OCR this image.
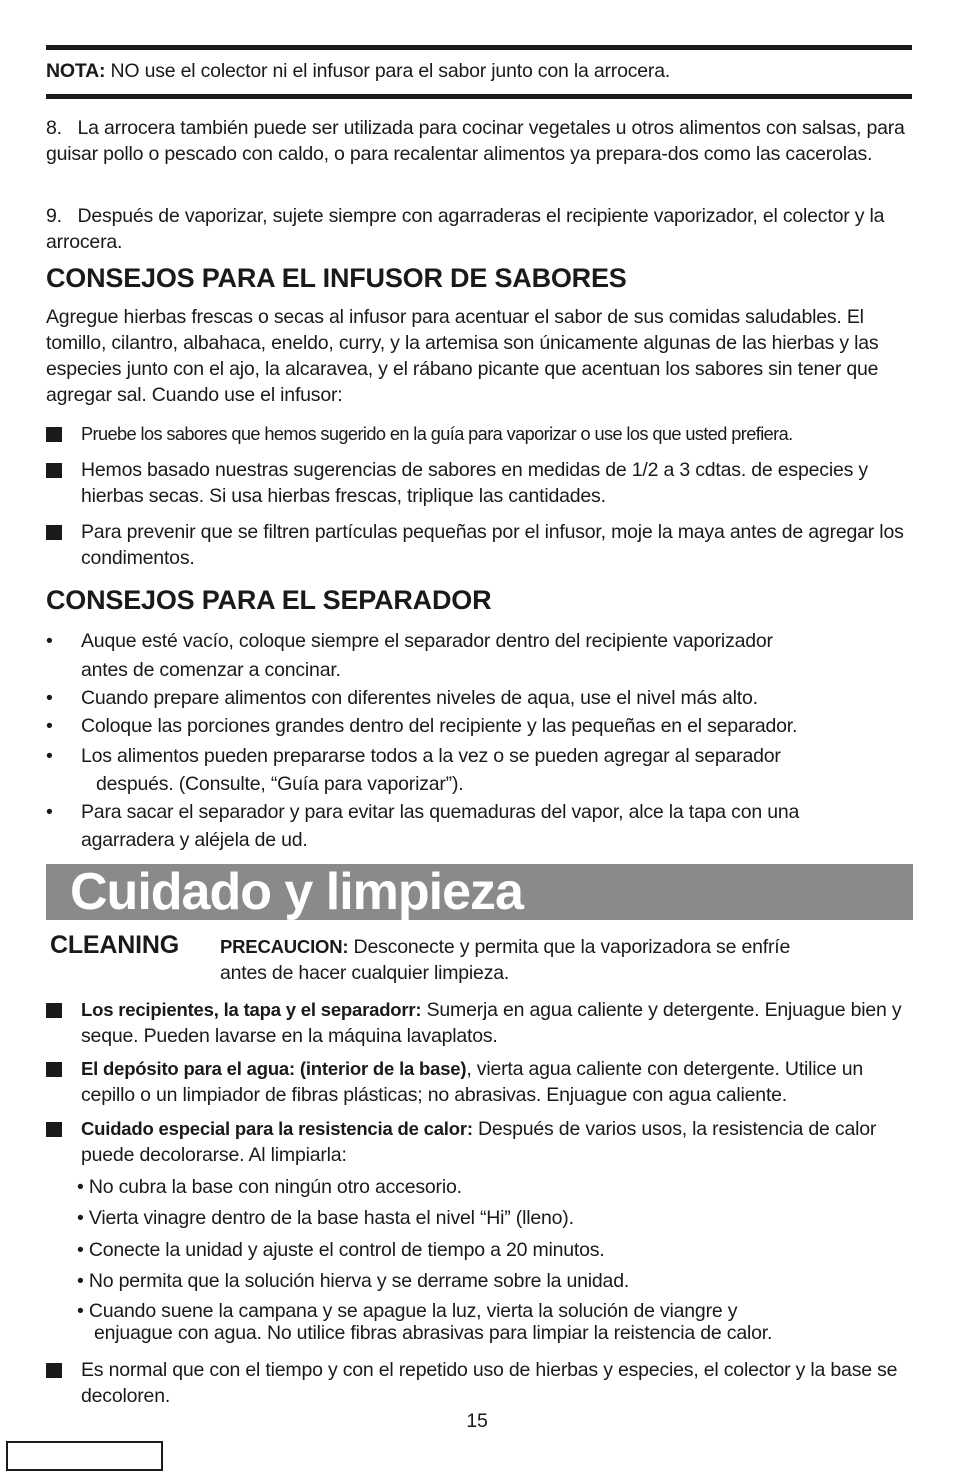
NOTA: NO use el colector ni el infusor para el sabor junto con la arrocera.
8. La arrocera también puede ser utilizada para cocinar vegetales u otros alimentos con salsas, para guisar pollo o pescado con caldo, o para recalentar alimentos ya prepara-dos como las cacerolas.
9. Después de vaporizar, sujete siempre con agarraderas el recipiente vaporizador, el colector y la arrocera.
CONSEJOS PARA EL INFUSOR DE SABORES
Agregue hierbas frescas o secas al infusor para acentuar el sabor de sus comidas saludables. El tomillo, cilantro, albahaca, eneldo, curry, y la artemisa son únicamente algunas de las hierbas y las especies junto con el ajo, la alcaravea, y el rábano picante que acentuan los sabores sin tener que agregar sal. Cuando use el infusor:
Pruebe los sabores que hemos sugerido en la guía para vaporizar o use los que usted prefiera.
Hemos basado nuestras sugerencias de sabores en medidas de 1/2 a 3 cdtas. de especies y hierbas secas. Si usa hierbas frescas, triplique las cantidades.
Para prevenir que se filtren partículas pequeñas por el infusor, moje la maya antes de agregar los condimentos.
CONSEJOS PARA EL SEPARADOR
•	Auque esté vacío, coloque siempre el separador dentro del recipiente vaporizador
antes de comenzar a concinar.
•	Cuando prepare alimentos con diferentes niveles de aqua, use el nivel más alto.
•	Coloque las porciones grandes dentro del recipiente y las pequeñas en el separador.
•	Los alimentos pueden prepararse todos a la vez o se pueden agregar al separador
después. (Consulte, “Guía para vaporizar”).
•	Para sacar el separador y para evitar las quemaduras del vapor, alce la tapa con una
agarradera y aléjela de ud.
Cuidado y limpieza
CLEANING PRECAUCION: Desconecte y permita que la vaporizadora se enfríe
antes de hacer cualquier limpieza.
Los recipientes, la tapa y el separadorr: Sumerja en agua caliente y detergente. Enjuague bien y seque. Pueden lavarse en la máquina lavaplatos.
El depósito para el agua: (interior de la base), vierta agua caliente con detergente. Utilice un cepillo o un limpiador de fibras plásticas; no abrasivas. Enjuague con agua caliente.
Cuidado especial para la resistencia de calor: Después de varios usos, la resistencia de calor puede decolorarse. Al limpiarla:
• No cubra la base con ningún otro accesorio.
• Vierta vinagre dentro de la base hasta el nivel “Hi” (lleno).
• Conecte la unidad y ajuste el control de tiempo a 20 minutos.
• No permita que la solución hierva y se derrame sobre la unidad.
• Cuando suene la campana y se apague la luz, vierta la solución de viangre y
enjuague con agua. No utilice fibras abrasivas para limpiar la reistencia de calor.
Es normal que con el tiempo y con el repetido uso de hierbas y especies, el colector y la base se decoloren.
15
